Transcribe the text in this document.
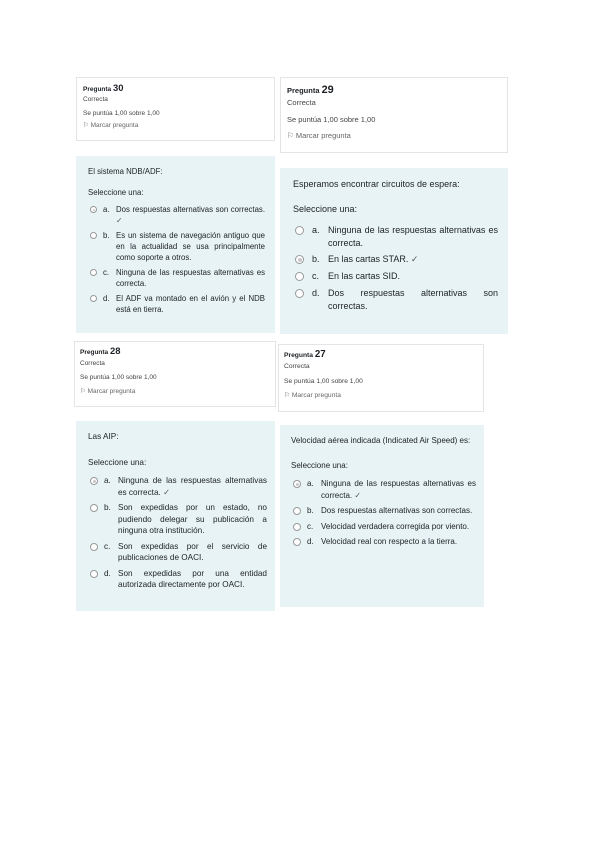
Pregunta 30
Correcta
Se puntúa 1,00 sobre 1,00
⚐ Marcar pregunta

El sistema NDB/ADF:

Seleccione una:

a. Dos respuestas alternativas son correctas. ✓
b. Es un sistema de navegación antiguo que en la actualidad se usa principalmente como soporte a otros.
c. Ninguna de las respuestas alternativas es correcta.
d. El ADF va montado en el avión y el NDB está en tierra.
Pregunta 29
Correcta
Se puntúa 1,00 sobre 1,00
⚐ Marcar pregunta

Esperamos encontrar circuitos de espera:

Seleccione una:

a. Ninguna de las respuestas alternativas es correcta.
b. En las cartas STAR. ✓
c. En las cartas SID.
d. Dos respuestas alternativas son correctas.
Pregunta 28
Correcta
Se puntúa 1,00 sobre 1,00
⚐ Marcar pregunta

Las AIP:

Seleccione una:

a. Ninguna de las respuestas alternativas es correcta. ✓
b. Son expedidas por un estado, no pudiendo delegar su publicación a ninguna otra institución.
c. Son expedidas por el servicio de publicaciones de OACI.
d. Son expedidas por una entidad autorizada directamente por OACI.
Pregunta 27
Correcta
Se puntúa 1,00 sobre 1,00
⚐ Marcar pregunta

Velocidad aérea indicada (Indicated Air Speed) es:

Seleccione una:

a. Ninguna de las respuestas alternativas es correcta. ✓
b. Dos respuestas alternativas son correctas.
c. Velocidad verdadera corregida por viento.
d. Velocidad real con respecto a la tierra.
